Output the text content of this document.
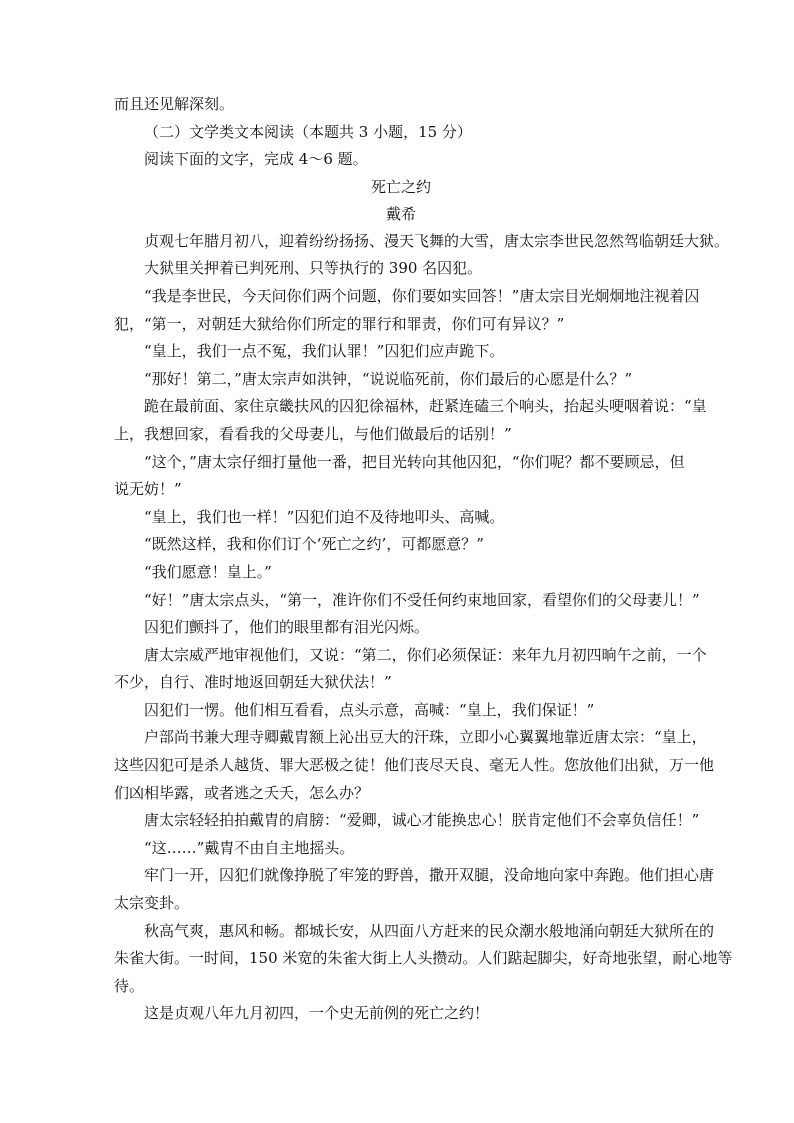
而且还见解深刻。

（二）文学类文本阅读（本题共 3 小题，15 分）

阅读下面的文字，完成 4～6 题。

死亡之约

戴希

贞观七年腊月初八，迎着纷纷扬扬、漫天飞舞的大雪，唐太宗李世民忽然驾临朝廷大狱。

大狱里关押着已判死刑、只等执行的 390 名囚犯。

“我是李世民，今天问你们两个问题，你们要如实回答！”唐太宗目光炯炯地注视着囚

犯，“第一，对朝廷大狱给你们所定的罪行和罪责，你们可有异议？”

“皇上，我们一点不冤，我们认罪！”囚犯们应声跪下。

“那好！第二，”唐太宗声如洪钟，“说说临死前，你们最后的心愿是什么？”

跪在最前面、家住京畿扶风的囚犯徐福林，赶紧连磕三个响头，抬起头哽咽着说：“皇

上，我想回家，看看我的父母妻儿，与他们做最后的话别！”

“这个，”唐太宗仔细打量他一番，把目光转向其他囚犯，“你们呢？都不要顾忌，但

说无妨！”

“皇上，我们也一样！”囚犯们迫不及待地叩头、高喊。

“既然这样，我和你们订个‘死亡之约’，可都愿意？”

“我们愿意！皇上。”

“好！”唐太宗点头，“第一，准许你们不受任何约束地回家，看望你们的父母妻儿！”

囚犯们颤抖了，他们的眼里都有泪光闪烁。

唐太宗威严地审视他们，又说：“第二，你们必须保证：来年九月初四晌午之前，一个

不少，自行、准时地返回朝廷大狱伏法！”

囚犯们一愣。他们相互看看，点头示意，高喊：“皇上，我们保证！”

户部尚书兼大理寺卿戴胄额上沁出豆大的汗珠，立即小心翼翼地靠近唐太宗：“皇上，

这些囚犯可是杀人越货、罪大恶极之徒！他们丧尽天良、毫无人性。您放他们出狱，万一他

们凶相毕露，或者逃之夭夭，怎么办？

唐太宗轻轻拍拍戴胄的肩膀：“爱卿，诚心才能换忠心！朕肯定他们不会辜负信任！”

“这……”戴胄不由自主地摇头。

牢门一开，囚犯们就像挣脱了牢笼的野兽，撒开双腿，没命地向家中奔跑。他们担心唐

太宗变卦。

秋高气爽，惠风和畅。都城长安，从四面八方赶来的民众潮水般地涌向朝廷大狱所在的

朱雀大街。一时间，150 米宽的朱雀大街上人头攒动。人们踮起脚尖，好奇地张望，耐心地等

待。

这是贞观八年九月初四，一个史无前例的死亡之约！
